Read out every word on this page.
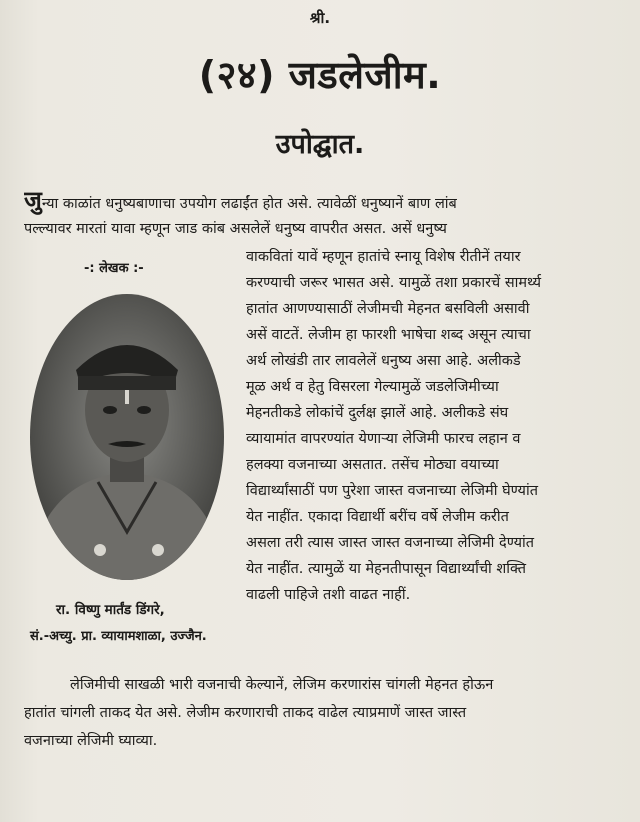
श्री.
(२४) जडलेजीम.
उपोद्घात.
जुन्या काळांत धनुष्यबाणाचा उपयोग लढाईंत होत असे. त्यावेळीं धनुष्यानें बाण लांब
पल्ल्यावर मारतां यावा म्हणून जाड कांब असलेलें धनुष्य वापरीत असत. असें धनुष्य
-: लेखक :-
रा. विष्णु मार्तंड डिंगरे,
सं.-अच्यु. प्रा. व्यायामशाळा, उज्जैन.
वाकवितां यावें म्हणून हातांचे स्नायू विशेष रीतीनें तयार
करण्याची जरूर भासत असे. यामुळें तशा प्रकारचें सामर्थ्य
हातांत आणण्यासाठीं लेजीमची मेहनत बसविली असावी
असें वाटतें. लेजीम हा फारशी भाषेचा शब्द असून त्याचा
अर्थ लोखंडी तार लावलेलें धनुष्य असा आहे. अलीकडे
मूळ अर्थ व हेतु विसरला गेल्यामुळें जडलेजिमीच्या
मेहनतीकडे लोकांचें दुर्लक्ष झालें आहे. अलीकडे संघ
व्यायामांत वापरण्यांत येणाऱ्या लेजिमी फारच लहान व
हलक्या वजनाच्या असतात. तसेंच मोठ्या वयाच्या
विद्यार्थ्यांसाठीं पण पुरेशा जास्त वजनाच्या लेजिमी घेण्यांत
येत नाहींत. एकादा विद्यार्थी बरींच वर्षे लेजीम करीत
असला तरी त्यास जास्त जास्त वजनाच्या लेजिमी देण्यांत
येत नाहींत. त्यामुळें या मेहनतीपासून विद्यार्थ्यांची शक्ति
वाढली पाहिजे तशी वाढत नाहीं.
लेजिमीची साखळी भारी वजनाची केल्यानें, लेजिम करणारांस चांगली मेहनत होऊन
हातांत चांगली ताकद येत असे. लेजीम करणाराची ताकद वाढेल त्याप्रमाणें जास्त जास्त
वजनाच्या लेजिमी घ्याव्या.
